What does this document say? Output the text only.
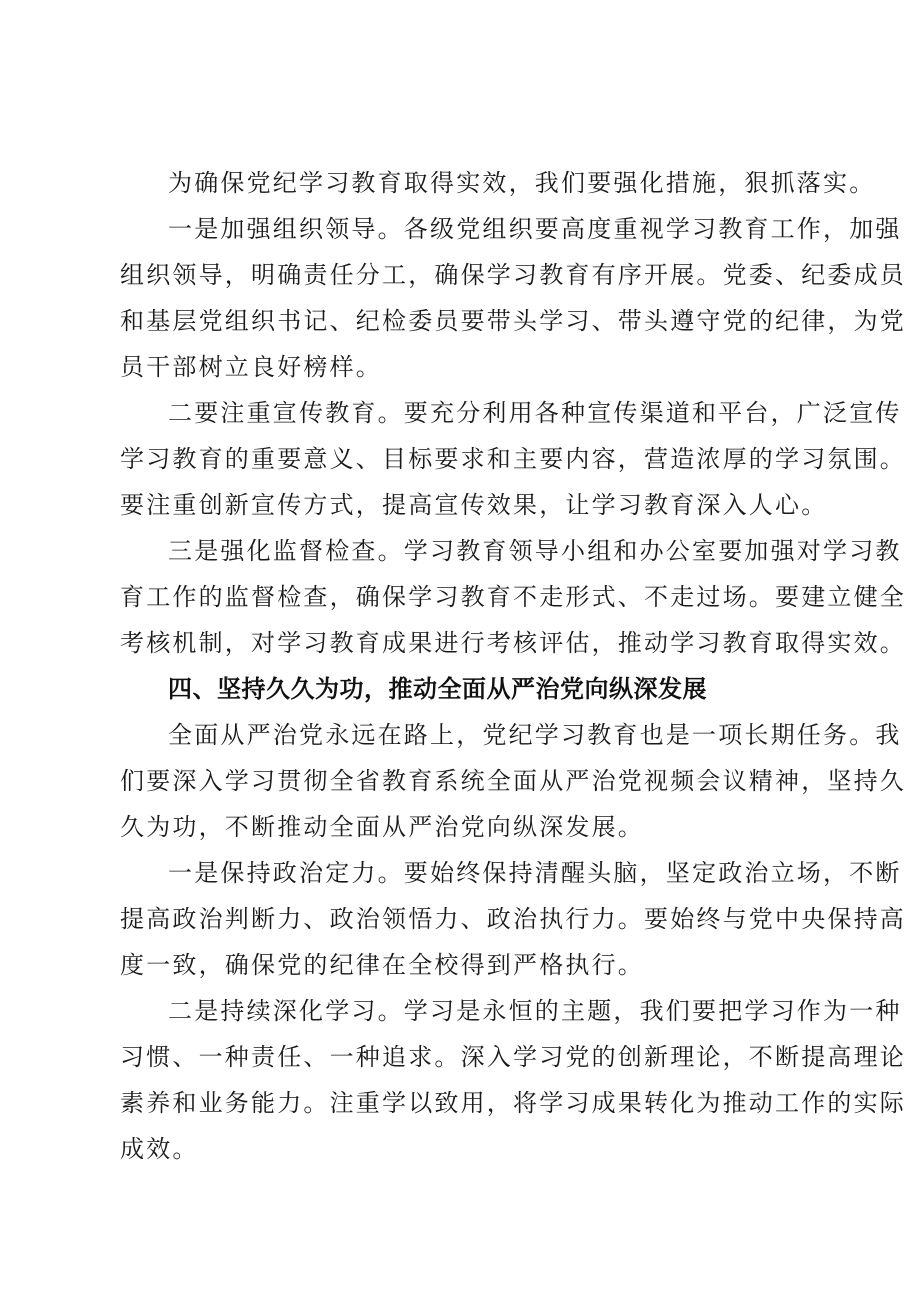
为确保党纪学习教育取得实效，我们要强化措施，狠抓落实。

一是加强组织领导。各级党组织要高度重视学习教育工作，加强

组织领导，明确责任分工，确保学习教育有序开展。党委、纪委成员

和基层党组织书记、纪检委员要带头学习、带头遵守党的纪律，为党

员干部树立良好榜样。

二要注重宣传教育。要充分利用各种宣传渠道和平台，广泛宣传

学习教育的重要意义、目标要求和主要内容，营造浓厚的学习氛围。

要注重创新宣传方式，提高宣传效果，让学习教育深入人心。

三是强化监督检查。学习教育领导小组和办公室要加强对学习教

育工作的监督检查，确保学习教育不走形式、不走过场。要建立健全

考核机制，对学习教育成果进行考核评估，推动学习教育取得实效。

四、坚持久久为功，推动全面从严治党向纵深发展

全面从严治党永远在路上，党纪学习教育也是一项长期任务。我

们要深入学习贯彻全省教育系统全面从严治党视频会议精神，坚持久

久为功，不断推动全面从严治党向纵深发展。

一是保持政治定力。要始终保持清醒头脑，坚定政治立场，不断

提高政治判断力、政治领悟力、政治执行力。要始终与党中央保持高

度一致，确保党的纪律在全校得到严格执行。

二是持续深化学习。学习是永恒的主题，我们要把学习作为一种

习惯、一种责任、一种追求。深入学习党的创新理论，不断提高理论

素养和业务能力。注重学以致用，将学习成果转化为推动工作的实际

成效。
